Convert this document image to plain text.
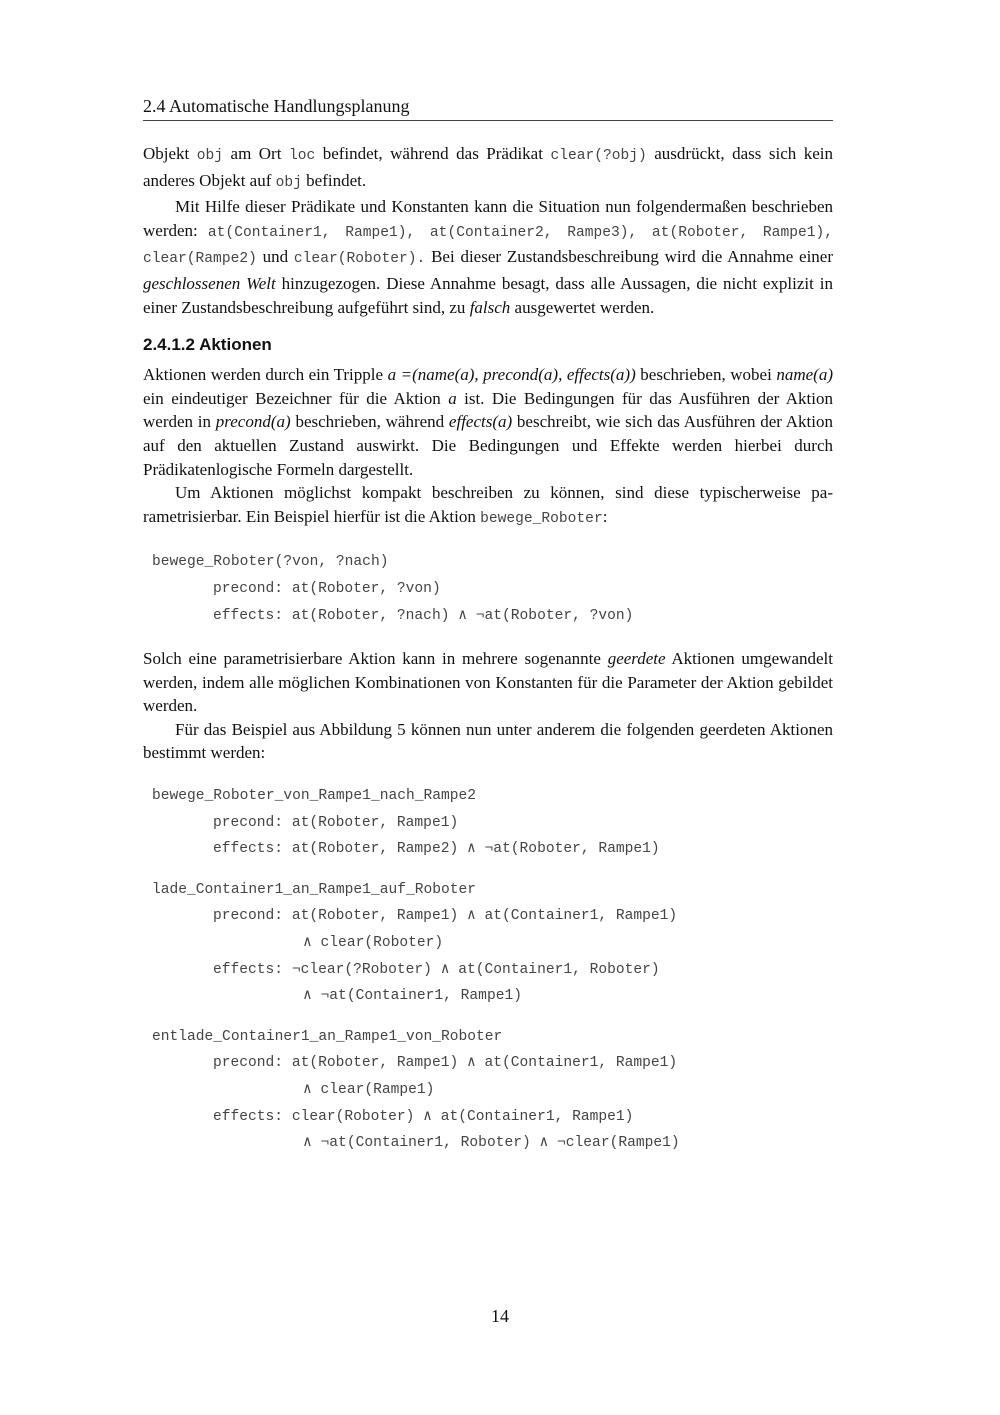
2.4 Automatische Handlungsplanung

Objekt obj am Ort loc befindet, während das Prädikat clear(?obj) ausdrückt, dass sich kein anderes Objekt auf obj befindet.

Mit Hilfe dieser Prädikate und Konstanten kann die Situation nun folgendermaßen beschrieben werden: at(Container1, Rampe1), at(Container2, Rampe3), at(Roboter, Rampe1), clear(Rampe2) und clear(Roboter). Bei dieser Zustandsbeschreibung wird die Annahme einer geschlossenen Welt hinzugezogen. Diese Annahme besagt, dass alle Aussagen, die nicht explizit in einer Zustandsbeschreibung aufgeführt sind, zu falsch ausgewertet werden.

2.4.1.2 Aktionen

Aktionen werden durch ein Tripple a =(name(a), precond(a), effects(a)) beschrieben, wobei name(a) ein eindeutiger Bezeichner für die Aktion a ist. Die Bedingungen für das Ausführen der Aktion werden in precond(a) beschrieben, während effects(a) beschreibt, wie sich das Ausführen der Aktion auf den aktuellen Zustand auswirkt. Die Bedingungen und Effekte werden hierbei durch Prädikatenlogische Formeln dargestellt.

Um Aktionen möglichst kompakt beschreiben zu können, sind diese typischerweise parametrisierbar. Ein Beispiel hierfür ist die Aktion bewege_Roboter:

bewege_Roboter(?von, ?nach)
precond: at(Roboter, ?von)
effects: at(Roboter, ?nach) ∧ ¬at(Roboter, ?von)

Solch eine parametrisierbare Aktion kann in mehrere sogenannte geerdete Aktionen umgewandelt werden, indem alle möglichen Kombinationen von Konstanten für die Parameter der Aktion gebildet werden.

Für das Beispiel aus Abbildung 5 können nun unter anderem die folgenden geerdeten Aktionen bestimmt werden:

bewege_Roboter_von_Rampe1_nach_Rampe2
precond: at(Roboter, Rampe1)
effects: at(Roboter, Rampe2) ∧ ¬at(Roboter, Rampe1)
lade_Container1_an_Rampe1_auf_Roboter
precond: at(Roboter, Rampe1) ∧ at(Container1, Rampe1)
∧ clear(Roboter)
effects: ¬clear(?Roboter) ∧ at(Container1, Roboter)
∧ ¬at(Container1, Rampe1)
entlade_Container1_an_Rampe1_von_Roboter
precond: at(Roboter, Rampe1) ∧ at(Container1, Rampe1)
∧ clear(Rampe1)
effects: clear(Roboter) ∧ at(Container1, Rampe1)
∧ ¬at(Container1, Roboter) ∧ ¬clear(Rampe1)
14
